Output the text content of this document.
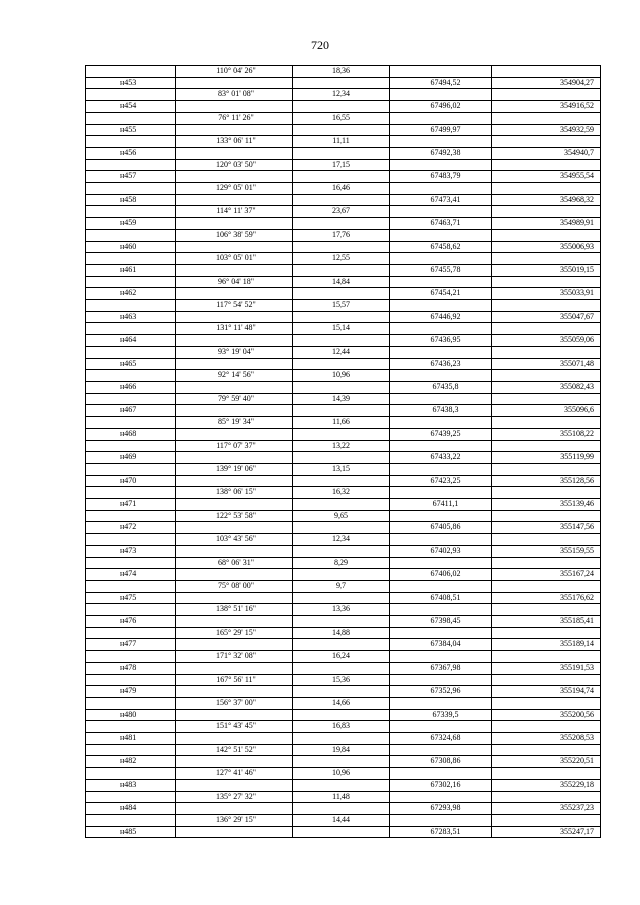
720
	110° 04' 26"	18,36		
н453			67494,52	354904,27
	83° 01' 08"	12,34		
н454			67496,02	354916,52
	76° 11' 26"	16,55		
н455			67499,97	354932,59
	133° 06' 11"	11,11		
н456			67492,38	354940,7
	120° 03' 50"	17,15		
н457			67483,79	354955,54
	129° 05' 01"	16,46		
н458			67473,41	354968,32
	114° 11' 37"	23,67		
н459			67463,71	354989,91
	106° 38' 59"	17,76		
н460			67458,62	355006,93
	103° 05' 01"	12,55		
н461			67455,78	355019,15
	96° 04' 18"	14,84		
н462			67454,21	355033,91
	117° 54' 52"	15,57		
н463			67446,92	355047,67
	131° 11' 48"	15,14		
н464			67436,95	355059,06
	93° 19' 04"	12,44		
н465			67436,23	355071,48
	92° 14' 56"	10,96		
н466			67435,8	355082,43
	79° 59' 40"	14,39		
н467			67438,3	355096,6
	85° 19' 34"	11,66		
н468			67439,25	355108,22
	117° 07' 37"	13,22		
н469			67433,22	355119,99
	139° 19' 06"	13,15		
н470			67423,25	355128,56
	138° 06' 15"	16,32		
н471			67411,1	355139,46
	122° 53' 58"	9,65		
н472			67405,86	355147,56
	103° 43' 56"	12,34		
н473			67402,93	355159,55
	68° 06' 31"	8,29		
н474			67406,02	355167,24
	75° 08' 00"	9,7		
н475			67408,51	355176,62
	138° 51' 16"	13,36		
н476			67398,45	355185,41
	165° 29' 15"	14,88		
н477			67384,04	355189,14
	171° 32' 08"	16,24		
н478			67367,98	355191,53
	167° 56' 11"	15,36		
н479			67352,96	355194,74
	156° 37' 00"	14,66		
н480			67339,5	355200,56
	151° 43' 45"	16,83		
н481			67324,68	355208,53
	142° 51' 52"	19,84		
н482			67308,86	355220,51
	127° 41' 46"	10,96		
н483			67302,16	355229,18
	135° 27' 32"	11,48		
н484			67293,98	355237,23
	136° 29' 15"	14,44		
н485			67283,51	355247,17
